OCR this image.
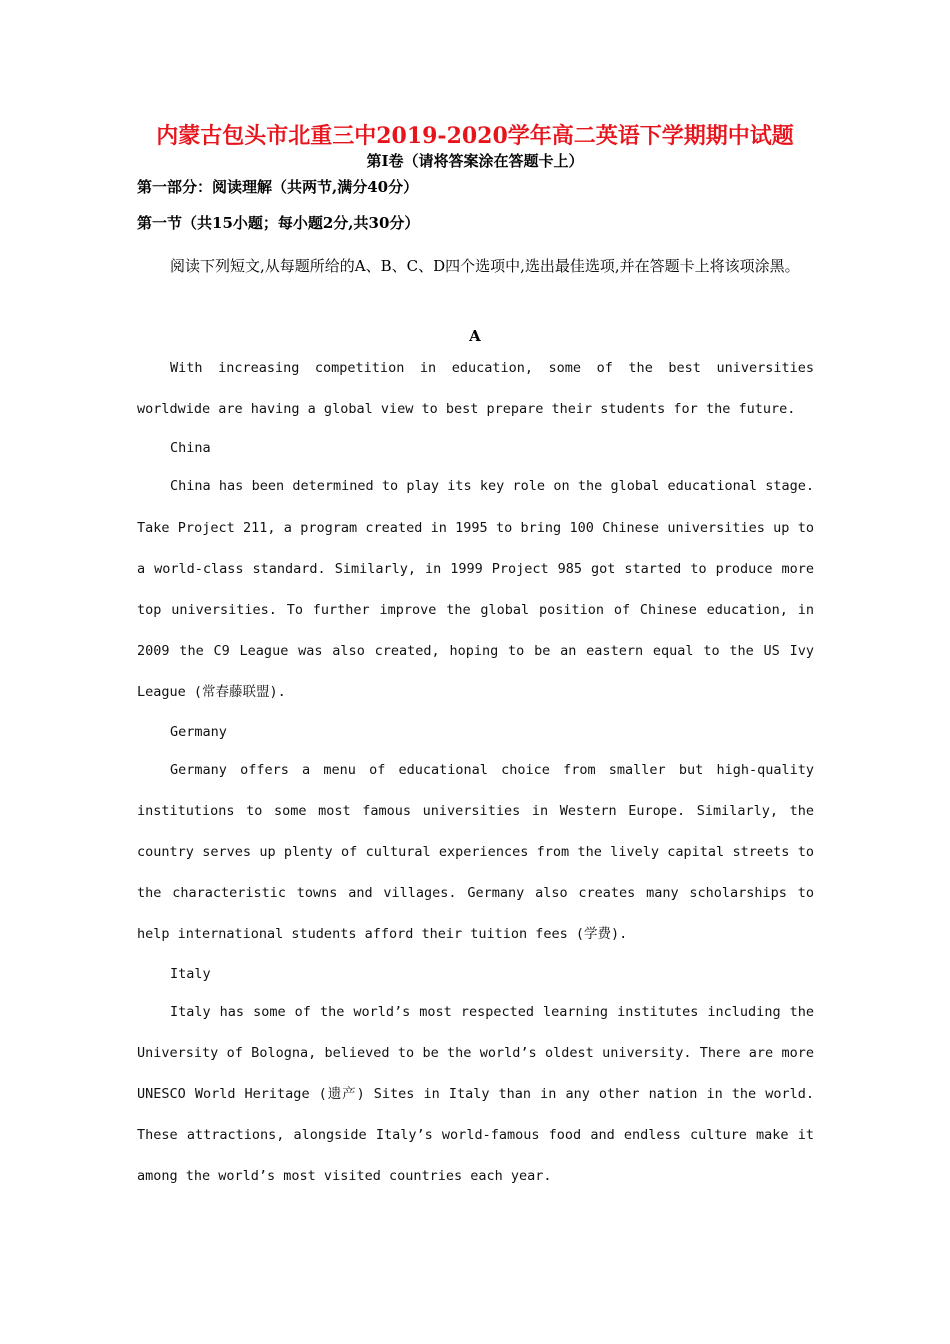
内蒙古包头市北重三中2019-2020学年高二英语下学期期中试题
第I卷（请将答案涂在答题卡上）
第一部分：阅读理解（共两节,满分40分）
第一节（共15小题；每小题2分,共30分）

阅读下列短文,从每题所给的A、B、C、D四个选项中,选出最佳选项,并在答题卡上将该项涂黑。

A

With increasing competition in education, some of the best universities worldwide are having a global view to best prepare their students for the future.

China

China has been determined to play its key role on the global educational stage. Take Project 211, a program created in 1995 to bring 100 Chinese universities up to a world-class standard. Similarly, in 1999 Project 985 got started to produce more top universities. To further improve the global position of Chinese education, in 2009 the C9 League was also created, hoping to be an eastern equal to the US Ivy League (常春藤联盟).

Germany

Germany offers a menu of educational choice from smaller but high-quality institutions to some most famous universities in Western Europe. Similarly, the country serves up plenty of cultural experiences from the lively capital streets to the characteristic towns and villages. Germany also creates many scholarships to help international students afford their tuition fees (学费).

Italy

Italy has some of the world’s most respected learning institutes including the University of Bologna, believed to be the world’s oldest university. There are more UNESCO World Heritage (遗产) Sites in Italy than in any other nation in the world. These attractions, alongside Italy’s world-famous food and endless culture make it among the world’s most visited countries each year.
